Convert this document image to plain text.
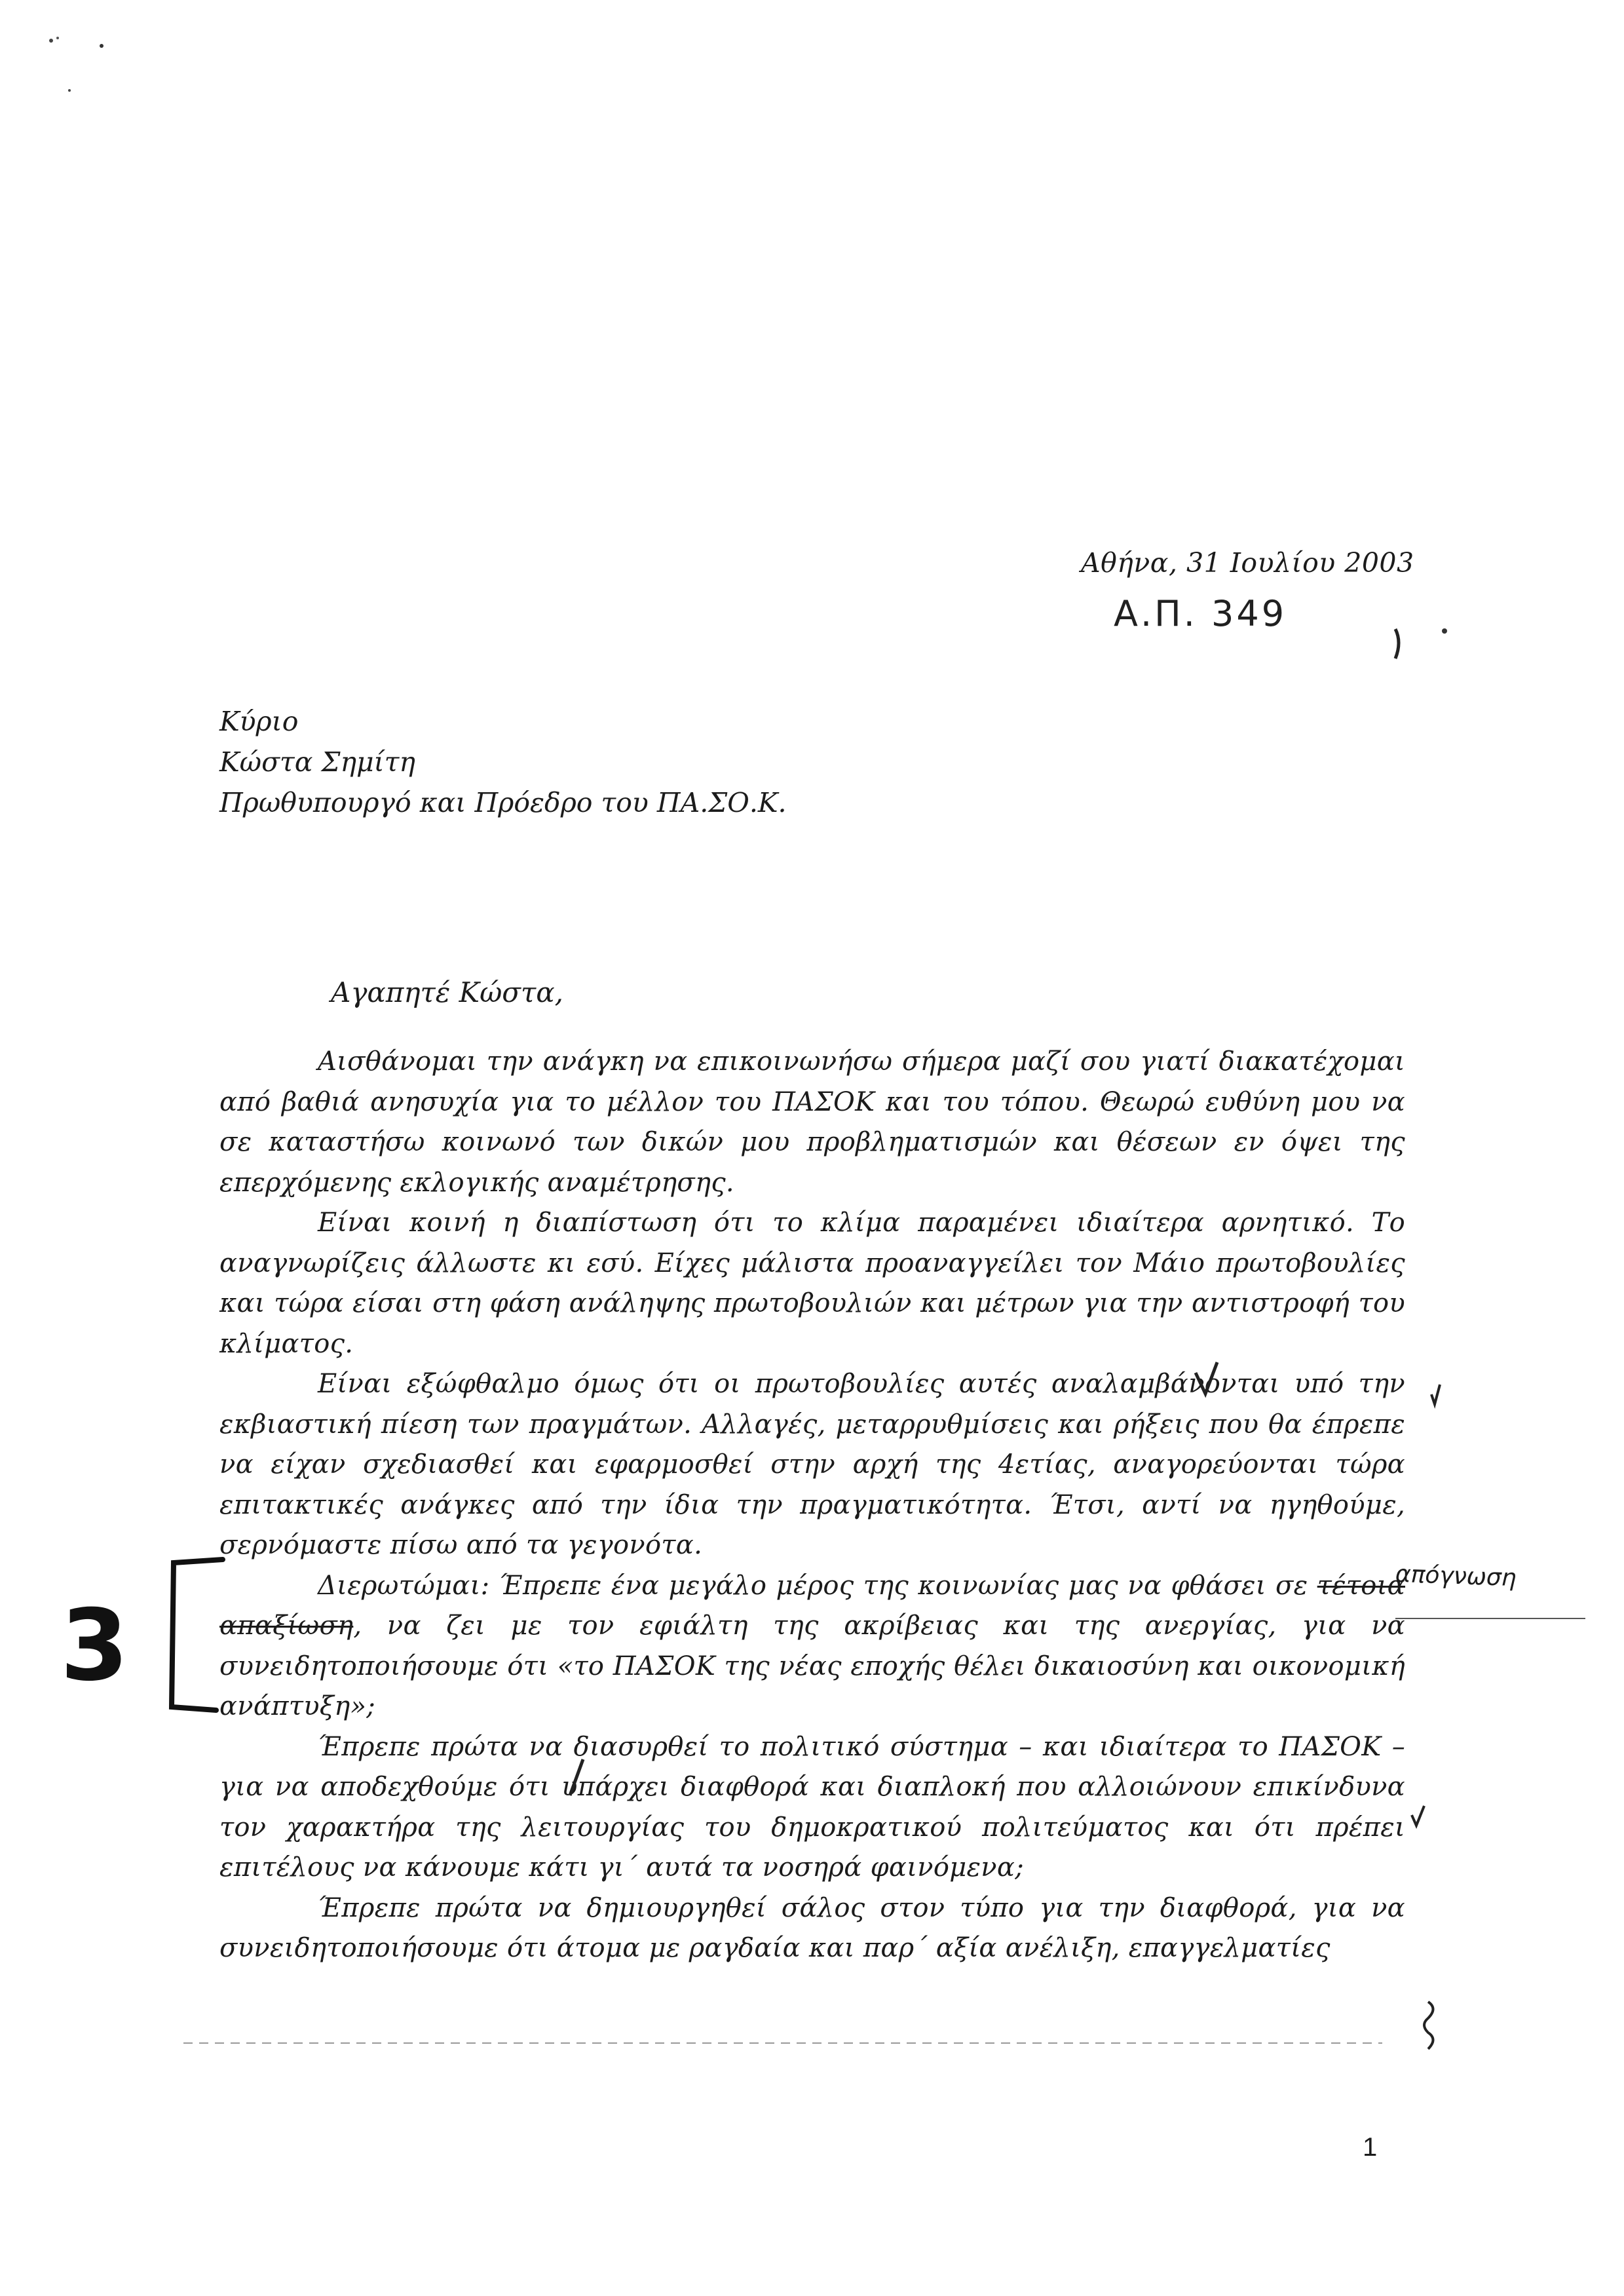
Αθήνα, 31 Ιουλίου 2003
Α.Π. 349
Κύριο
Κώστα Σημίτη
Πρωθυπουργό και Πρόεδρο του ΠΑ.ΣΟ.Κ.
Αγαπητέ Κώστα,

Αισθάνομαι την ανάγκη να επικοινωνήσω σήμερα μαζί σου γιατί διακατέχομαι από βαθιά ανησυχία για το μέλλον του ΠΑΣΟΚ και του τόπου. Θεωρώ ευθύνη μου να σε καταστήσω κοινωνό των δικών μου προβληματισμών και θέσεων εν όψει της επερχόμενης εκλογικής αναμέτρησης.

Είναι κοινή η διαπίστωση ότι το κλίμα παραμένει ιδιαίτερα αρνητικό. Το αναγνωρίζεις άλλωστε κι εσύ. Είχες μάλιστα προαναγγείλει τον Μάιο πρωτοβουλίες και τώρα είσαι στη φάση ανάληψης πρωτοβουλιών και μέτρων για την αντιστροφή του κλίματος.

Είναι εξώφθαλμο όμως ότι οι πρωτοβουλίες αυτές αναλαμβάνονται υπό την εκβιαστική πίεση των πραγμάτων. Αλλαγές, μεταρρυθμίσεις και ρήξεις που θα έπρεπε να είχαν σχεδιασθεί και εφαρμοσθεί στην αρχή της 4ετίας, αναγορεύονται τώρα επιτακτικές ανάγκες από την ίδια την πραγματικότητα. Έτσι, αντί να ηγηθούμε, σερνόμαστε πίσω από τα γεγονότα.

Διερωτώμαι: Έπρεπε ένα μεγάλο μέρος της κοινωνίας μας να φθάσει σε τέτοια απαξίωση, να ζει με τον εφιάλτη της ακρίβειας και της ανεργίας, για να συνειδητοποιήσουμε ότι «το ΠΑΣΟΚ της νέας εποχής θέλει δικαιοσύνη και οικονομική ανάπτυξη»;

Έπρεπε πρώτα να διασυρθεί το πολιτικό σύστημα – και ιδιαίτερα το ΠΑΣΟΚ – για να αποδεχθούμε ότι υπάρχει διαφθορά και διαπλοκή που αλλοιώνουν επικίνδυνα τον χαρακτήρα της λειτουργίας του δημοκρατικού πολιτεύματος και ότι πρέπει επιτέλους να κάνουμε κάτι γι΄ αυτά τα νοσηρά φαινόμενα;

Έπρεπε πρώτα να δημιουργηθεί σάλος στον τύπο για την διαφθορά, για να συνειδητοποιήσουμε ότι άτομα με ραγδαία και παρ΄ αξία ανέλιξη, επαγγελματίες

απόγνωση
3
1
